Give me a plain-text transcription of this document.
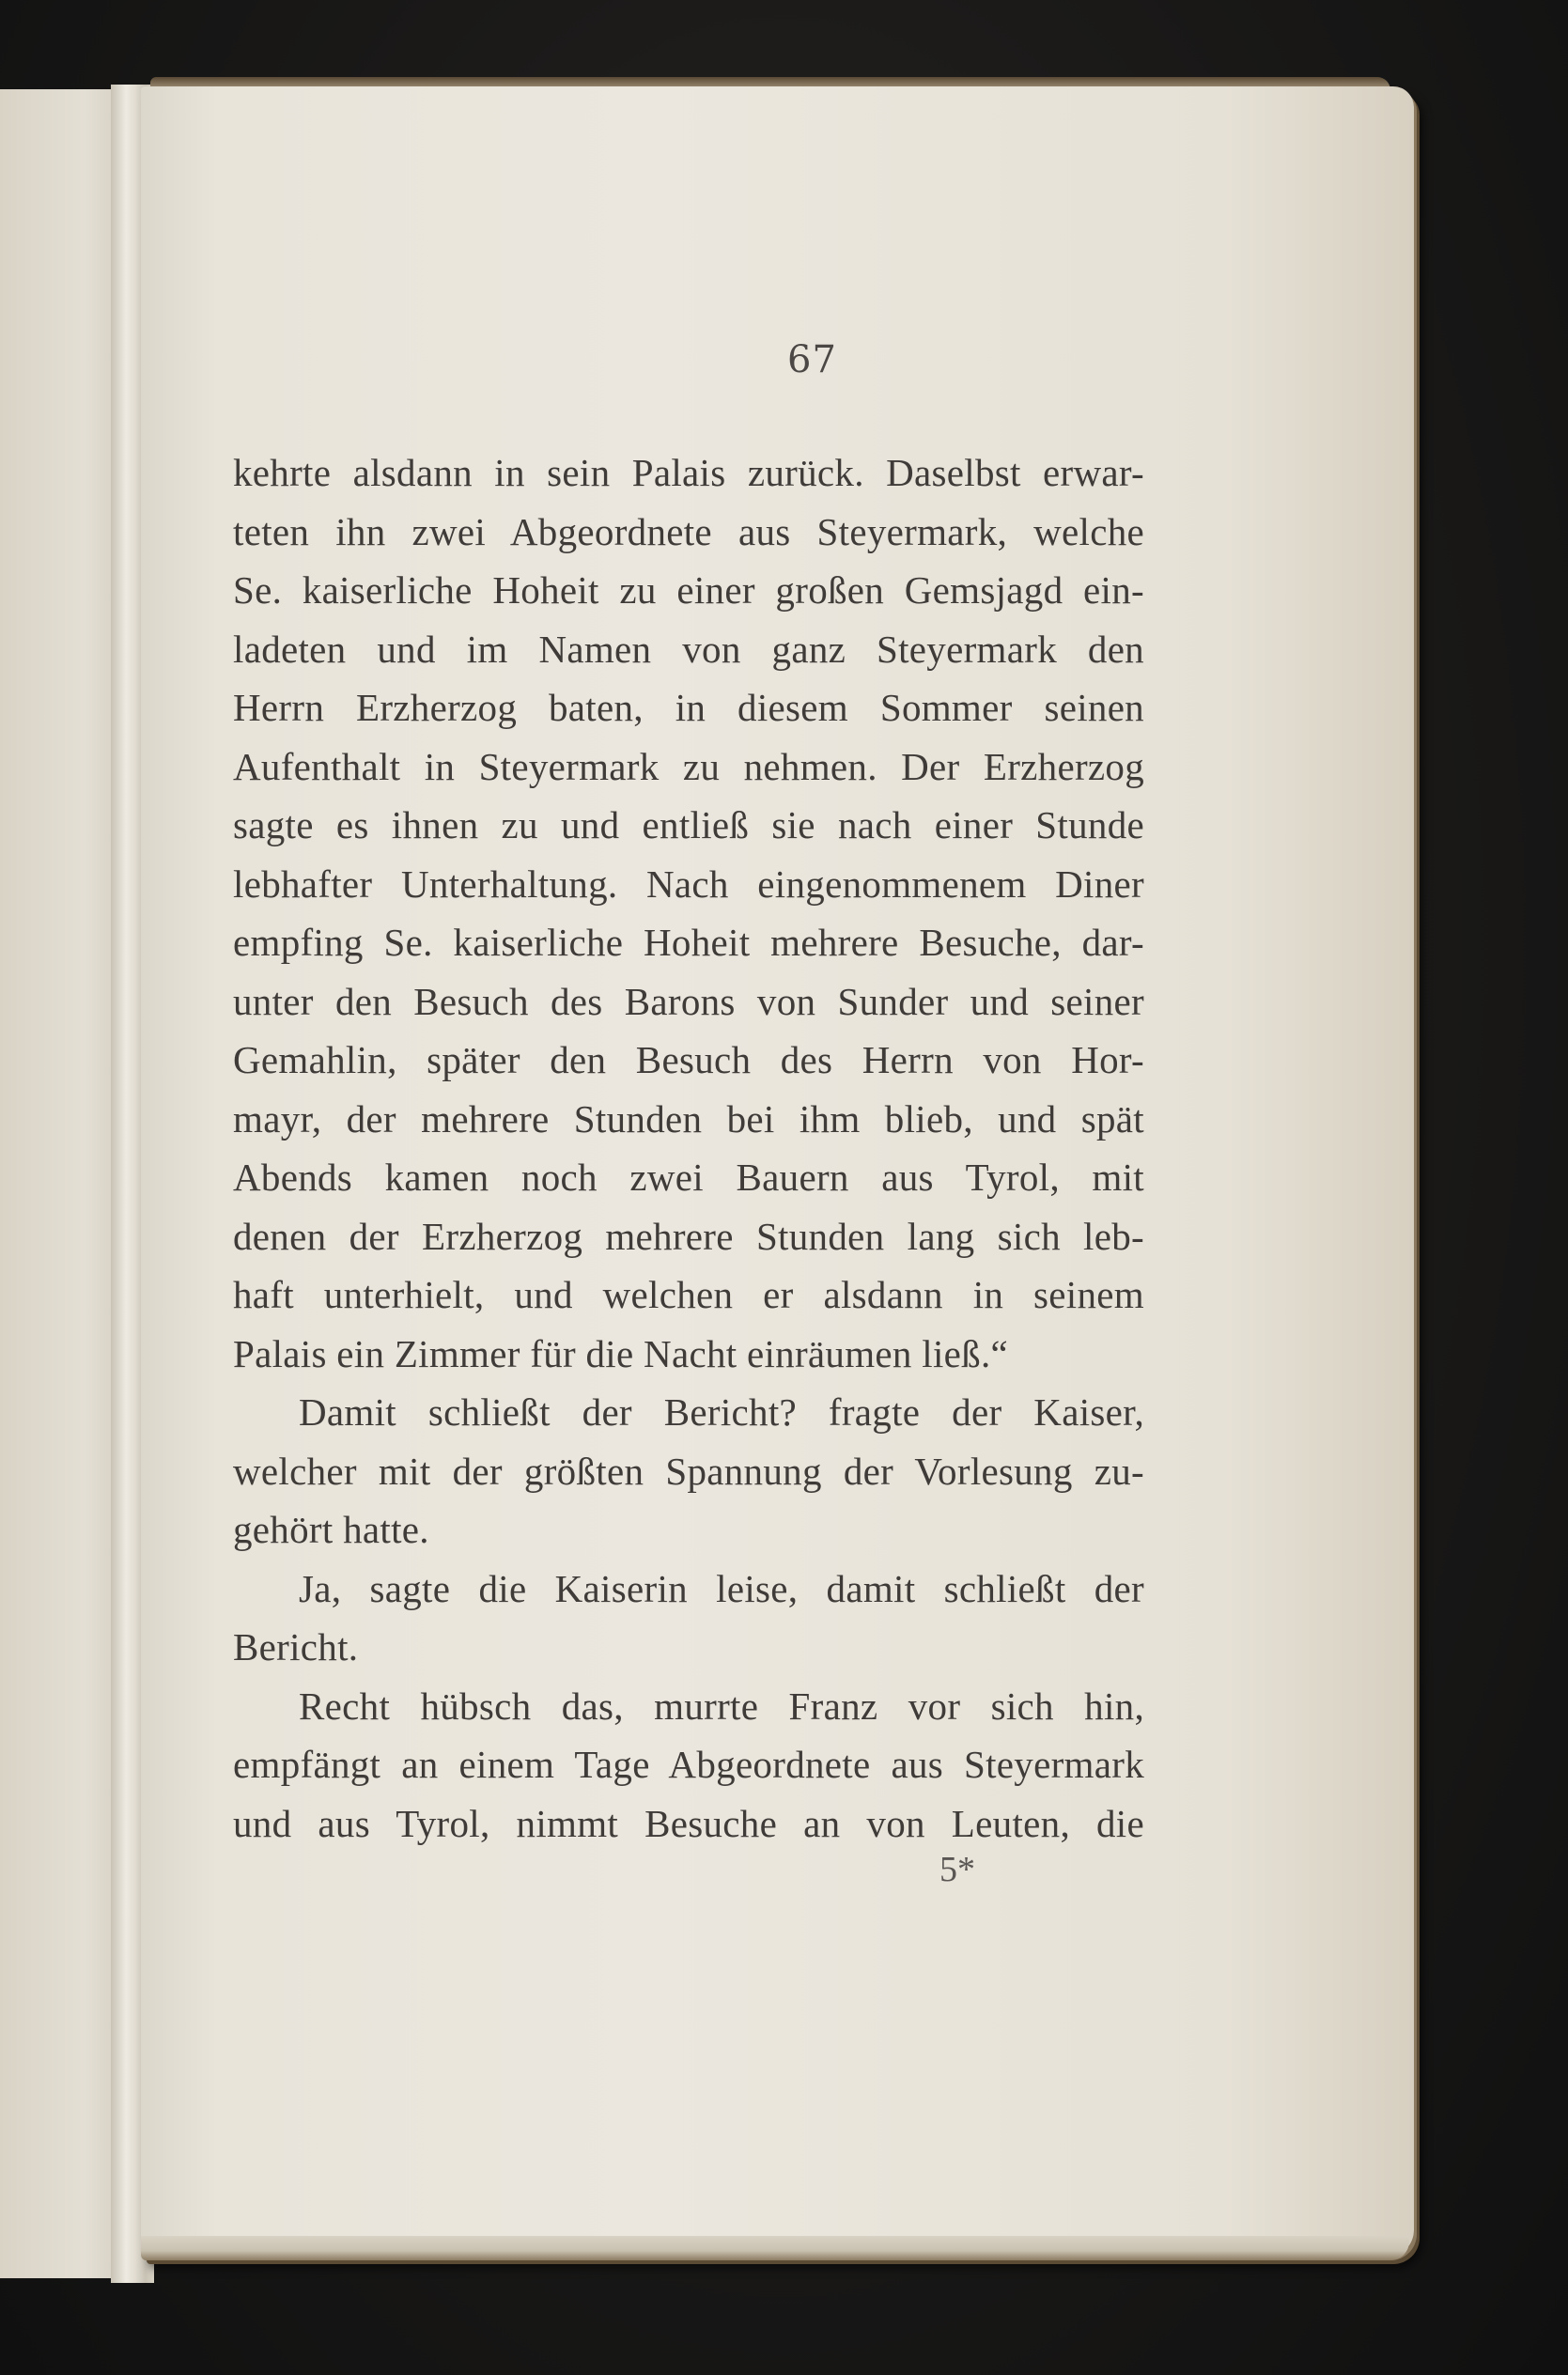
67
kehrte alsdann in sein Palais zurück. Daselbst erwar-
teten ihn zwei Abgeordnete aus Steyermark, welche
Se. kaiserliche Hoheit zu einer großen Gemsjagd ein-
ladeten und im Namen von ganz Steyermark den
Herrn Erzherzog baten, in diesem Sommer seinen
Aufenthalt in Steyermark zu nehmen. Der Erzherzog
sagte es ihnen zu und entließ sie nach einer Stunde
lebhafter Unterhaltung. Nach eingenommenem Diner
empfing Se. kaiserliche Hoheit mehrere Besuche, dar-
unter den Besuch des Barons von Sunder und seiner
Gemahlin, später den Besuch des Herrn von Hor-
mayr, der mehrere Stunden bei ihm blieb, und spät
Abends kamen noch zwei Bauern aus Tyrol, mit
denen der Erzherzog mehrere Stunden lang sich leb-
haft unterhielt, und welchen er alsdann in seinem
Palais ein Zimmer für die Nacht einräumen ließ.“
Damit schließt der Bericht? fragte der Kaiser,
welcher mit der größten Spannung der Vorlesung zu-
gehört hatte.
Ja, sagte die Kaiserin leise, damit schließt der
Bericht.
Recht hübsch das, murrte Franz vor sich hin,
empfängt an einem Tage Abgeordnete aus Steyermark
und aus Tyrol, nimmt Besuche an von Leuten, die
5*
